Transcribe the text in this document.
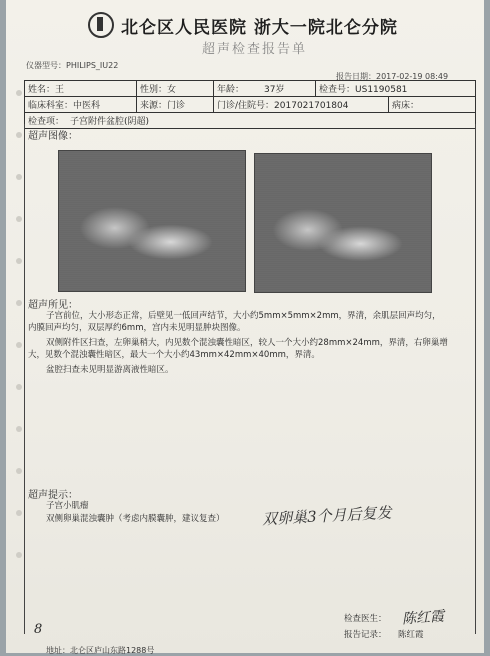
北仑区人民医院 浙大一院北仑分院
超声检查报告单
仪器型号：PHILIPS_IU22
报告日期：2017-02-19 08:49
姓名：王	性别：女	年龄： 37岁	检查号：US1190581	
临床科室：中医科	来源：门诊	门诊/住院号：2017021701804		病床：
检查项： 子宫附件盆腔(阴超)				
超声图像：
超声所见：
子宫前位，大小形态正常，后壁见一低回声结节，大小约5mm×5mm×2mm，界清，余肌层回声均匀，内膜回声均匀，双层厚约6mm，宫内未见明显肿块图像。
双侧附件区扫查，左卵巢稍大，内见数个混浊囊性暗区，较人一个大小约28mm×24mm，界清，右卵巢增大，见数个混浊囊性暗区，最大一个大小约43mm×42mm×40mm，界清。
盆腔扫查未见明显游离液性暗区。
超声提示：
子宫小肌瘤
双侧卵巢混浊囊肿（考虑内膜囊肿，建议复查） 双卵巢3个月后复发
检查医生： 陈红霞
报告记录： 陈红霞
8
地址：北仑区庐山东路1288号
